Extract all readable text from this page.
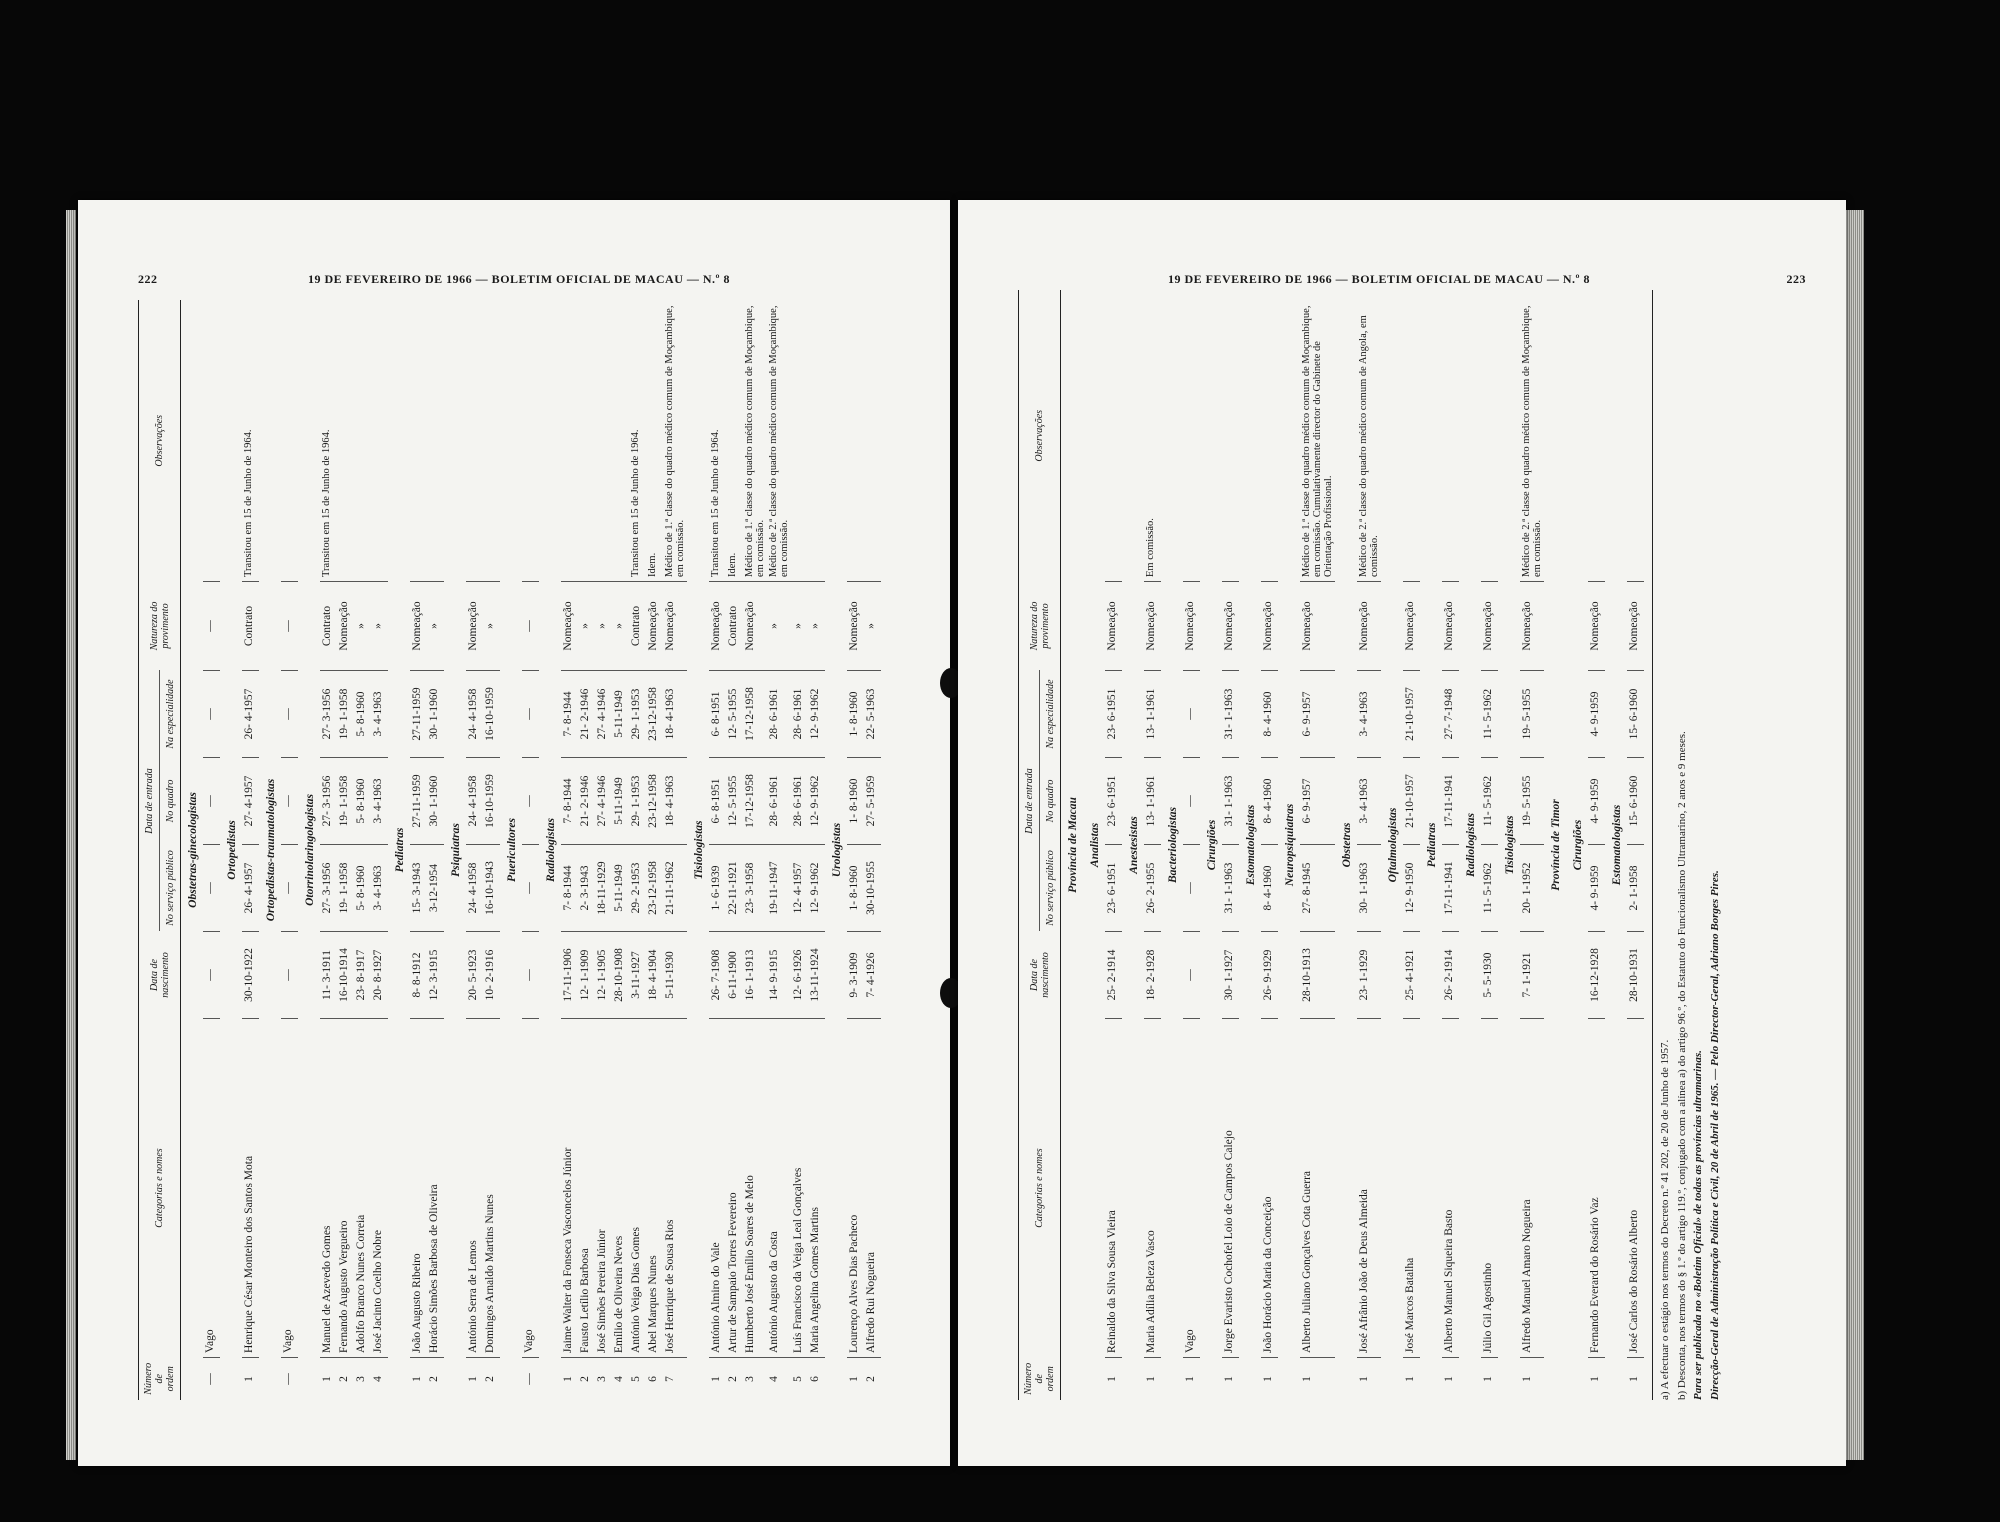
222	19 DE FEVEREIRO DE 1966 — BOLETIM OFICIAL DE MACAU — N.º 8
Número de ordem	Categorias e nomes	Data de nascimento	Data de entrada			Natureza do provimento	Observações
			No serviço público	No quadro	Na especialidade		
Obstetras-ginecologistas							
—	Vago	—	—	—	—	—	
Ortopedistas							
1	Henrique César Monteiro dos Santos Mota	30-10-1922	26- 4-1957	27- 4-1957	26- 4-1957	Contrato	Transitou em 15 de Junho de 1964.
Ortopedistas-traumatologistas							
—	Vago	—	—	—	—	—	
Otorrinolaringologistas							
1	Manuel de Azevedo Gomes	11- 3-1911	27- 3-1956	27- 3-1956	27- 3-1956	Contrato	Transitou em 15 de Junho de 1964.
2	Fernando Augusto Vergueiro	16-10-1914	19- 1-1958	19- 1-1958	19- 1-1958	Nomeação	
3	Adolfo Branco Nunes Correia	23- 8-1917	5- 8-1960	5- 8-1960	5- 8-1960	»	
4	José Jacinto Coelho Nobre	20- 8-1927	3- 4-1963	3- 4-1963	3- 4-1963	»	
Pediatras							
1	João Augusto Ribeiro	8- 8-1912	15- 3-1943	27-11-1959	27-11-1959	Nomeação	
2	Horácio Simões Barbosa de Oliveira	12- 3-1915	3-12-1954	30- 1-1960	30- 1-1960	»	
Psiquiatras							
1	António Serra de Lemos	20- 5-1923	24- 4-1958	24- 4-1958	24- 4-1958	Nomeação	
2	Domingos Arnaldo Martins Nunes	10- 2-1916	16-10-1943	16-10-1959	16-10-1959	»	
Puericultores							
—	Vago	—	—	—	—	—	
Radiologistas							
1	Jaime Walter da Fonseca Vasconcelos Júnior	17-11-1906	7- 8-1944	7- 8-1944	7- 8-1944	Nomeação	
2	Fausto Letílio Barbosa	12- 1-1909	2- 3-1943	21- 2-1946	21- 2-1946	»	
3	José Simões Pereira Júnior	12- 1-1905	18-11-1929	27- 4-1946	27- 4-1946	»	
4	Emílio de Oliveira Neves	28-10-1908	5-11-1949	5-11-1949	5-11-1949	»	
5	António Veiga Dias Gomes	3-11-1927	29- 2-1953	29- 1-1953	29- 1-1953	Contrato	Transitou em 15 de Junho de 1964.
6	Abel Marques Nunes	18- 4-1904	23-12-1958	23-12-1958	23-12-1958	Nomeação	Idem.
7	José Henrique de Sousa Rios	5-11-1930	21-11-1962	18- 4-1963	18- 4-1963	Nomeação	Médico de 1.ª classe do quadro médico comum de Moçambique, em comissão.
Tisiologistas							
1	António Almiro do Vale	26- 7-1908	1- 6-1939	6- 8-1951	6- 8-1951	Nomeação	Transitou em 15 de Junho de 1964.
2	Artur de Sampaio Torres Fevereiro	6-11-1900	22-11-1921	12- 5-1955	12- 5-1955	Contrato	Idem.
3	Humberto José Emílio Soares de Melo	16- 1-1913	23- 3-1958	17-12-1958	17-12-1958	Nomeação	Médico de 1.ª classe do quadro médico comum de Moçambique, em comissão.
4	António Augusto da Costa	14- 9-1915	19-11-1947	28- 6-1961	28- 6-1961	»	Médico de 2.ª classe do quadro médico comum de Moçambique, em comissão.
5	Luís Francisco da Veiga Leal Gonçalves	12- 6-1926	12- 4-1957	28- 6-1961	28- 6-1961	»	
6	Maria Angelina Gomes Martins	13-11-1924	12- 9-1962	12- 9-1962	12- 9-1962	»	
Urologistas							
1	Lourenço Alves Dias Pacheco	9- 3-1909	1- 8-1960	1- 8-1960	1- 8-1960	Nomeação	
2	Alfredo Rui Nogueira	7- 4-1926	30-10-1955	27- 5-1959	22- 5-1963	»	
19 DE FEVEREIRO DE 1966 — BOLETIM OFICIAL DE MACAU — N.º 8	223
Número de ordem	Categorias e nomes	Data de nascimento	Data de entrada			Natureza do provimento	Observações
			No serviço público	No quadro	Na especialidade		
Província de Macau							
Analistas							
1	Reinaldo da Silva Sousa Vieira	25- 2-1914	23- 6-1951	23- 6-1951	23- 6-1951	Nomeação	
Anestesistas							
1	Maria Adília Beleza Vasco	18- 2-1928	26- 2-1955	13- 1-1961	13- 1-1961	Nomeação	Em comissão.
Bacteriologistas							
1	Vago	—	—	—	—	Nomeação	
Cirurgiões							
1	Jorge Evaristo Cochofel Loio de Campos Calejo	30- 1-1927	31- 1-1963	31- 1-1963	31- 1-1963	Nomeação	
Estomatologistas							
1	João Horácio Maria da Conceição	26- 9-1929	8- 4-1960	8- 4-1960	8- 4-1960	Nomeação	
Neuropsiquiatras							
1	Alberto Juliano Gonçalves Cota Guerra	28-10-1913	27- 8-1945	6- 9-1957	6- 9-1957	Nomeação	Médico de 1.ª classe do quadro médico comum de Moçambique, em comissão. Cumulativamente director do Gabinete de Orientação Profissional.
Obstetras							
1	José Afrânio João de Deus Almeida	23- 1-1929	30- 1-1963	3- 4-1963	3- 4-1963	Nomeação	Médico de 2.ª classe do quadro médico comum de Angola, em comissão.
Oftalmologistas							
1	José Marcos Batalha	25- 4-1921	12- 9-1950	21-10-1957	21-10-1957	Nomeação	
Pediatras							
1	Alberto Manuel Siqueira Basto	26- 2-1914	17-11-1941	17-11-1941	27- 7-1948	Nomeação	
Radiologistas							
1	Júlio Gil Agostinho	5- 5-1930	11- 5-1962	11- 5-1962	11- 5-1962	Nomeação	
Tisiologistas							
1	Alfredo Manuel Amaro Nogueira	7- 1-1921	20- 1-1952	19- 5-1955	19- 5-1955	Nomeação	Médico de 2.ª classe do quadro médico comum de Moçambique, em comissão.
Província de Timor							
Cirurgiões							
1	Fernando Everard do Rosário Vaz	16-12-1928	4- 9-1959	4- 9-1959	4- 9-1959	Nomeação	
Estomatologistas							
1	José Carlos do Rosário Alberto	28-10-1931	2- 1-1958	15- 6-1960	15- 6-1960	Nomeação	
a) A efectuar o estágio nos termos do Decreto n.º 41 202, de 20 de Junho de 1957. b) Desconta, nos termos do § 1.º do artigo 119.º, conjugado com a alínea a) do artigo 96.º, do Estatuto do Funcionalismo Ultramarino, 2 anos e 9 meses. Para ser publicada no «Boletim Oficial» de todas as províncias ultramarinas. Direcção-Geral de Administração Política e Civil, 20 de Abril de 1965. — Pelo Director-Geral, Adriano Borges Pires.
